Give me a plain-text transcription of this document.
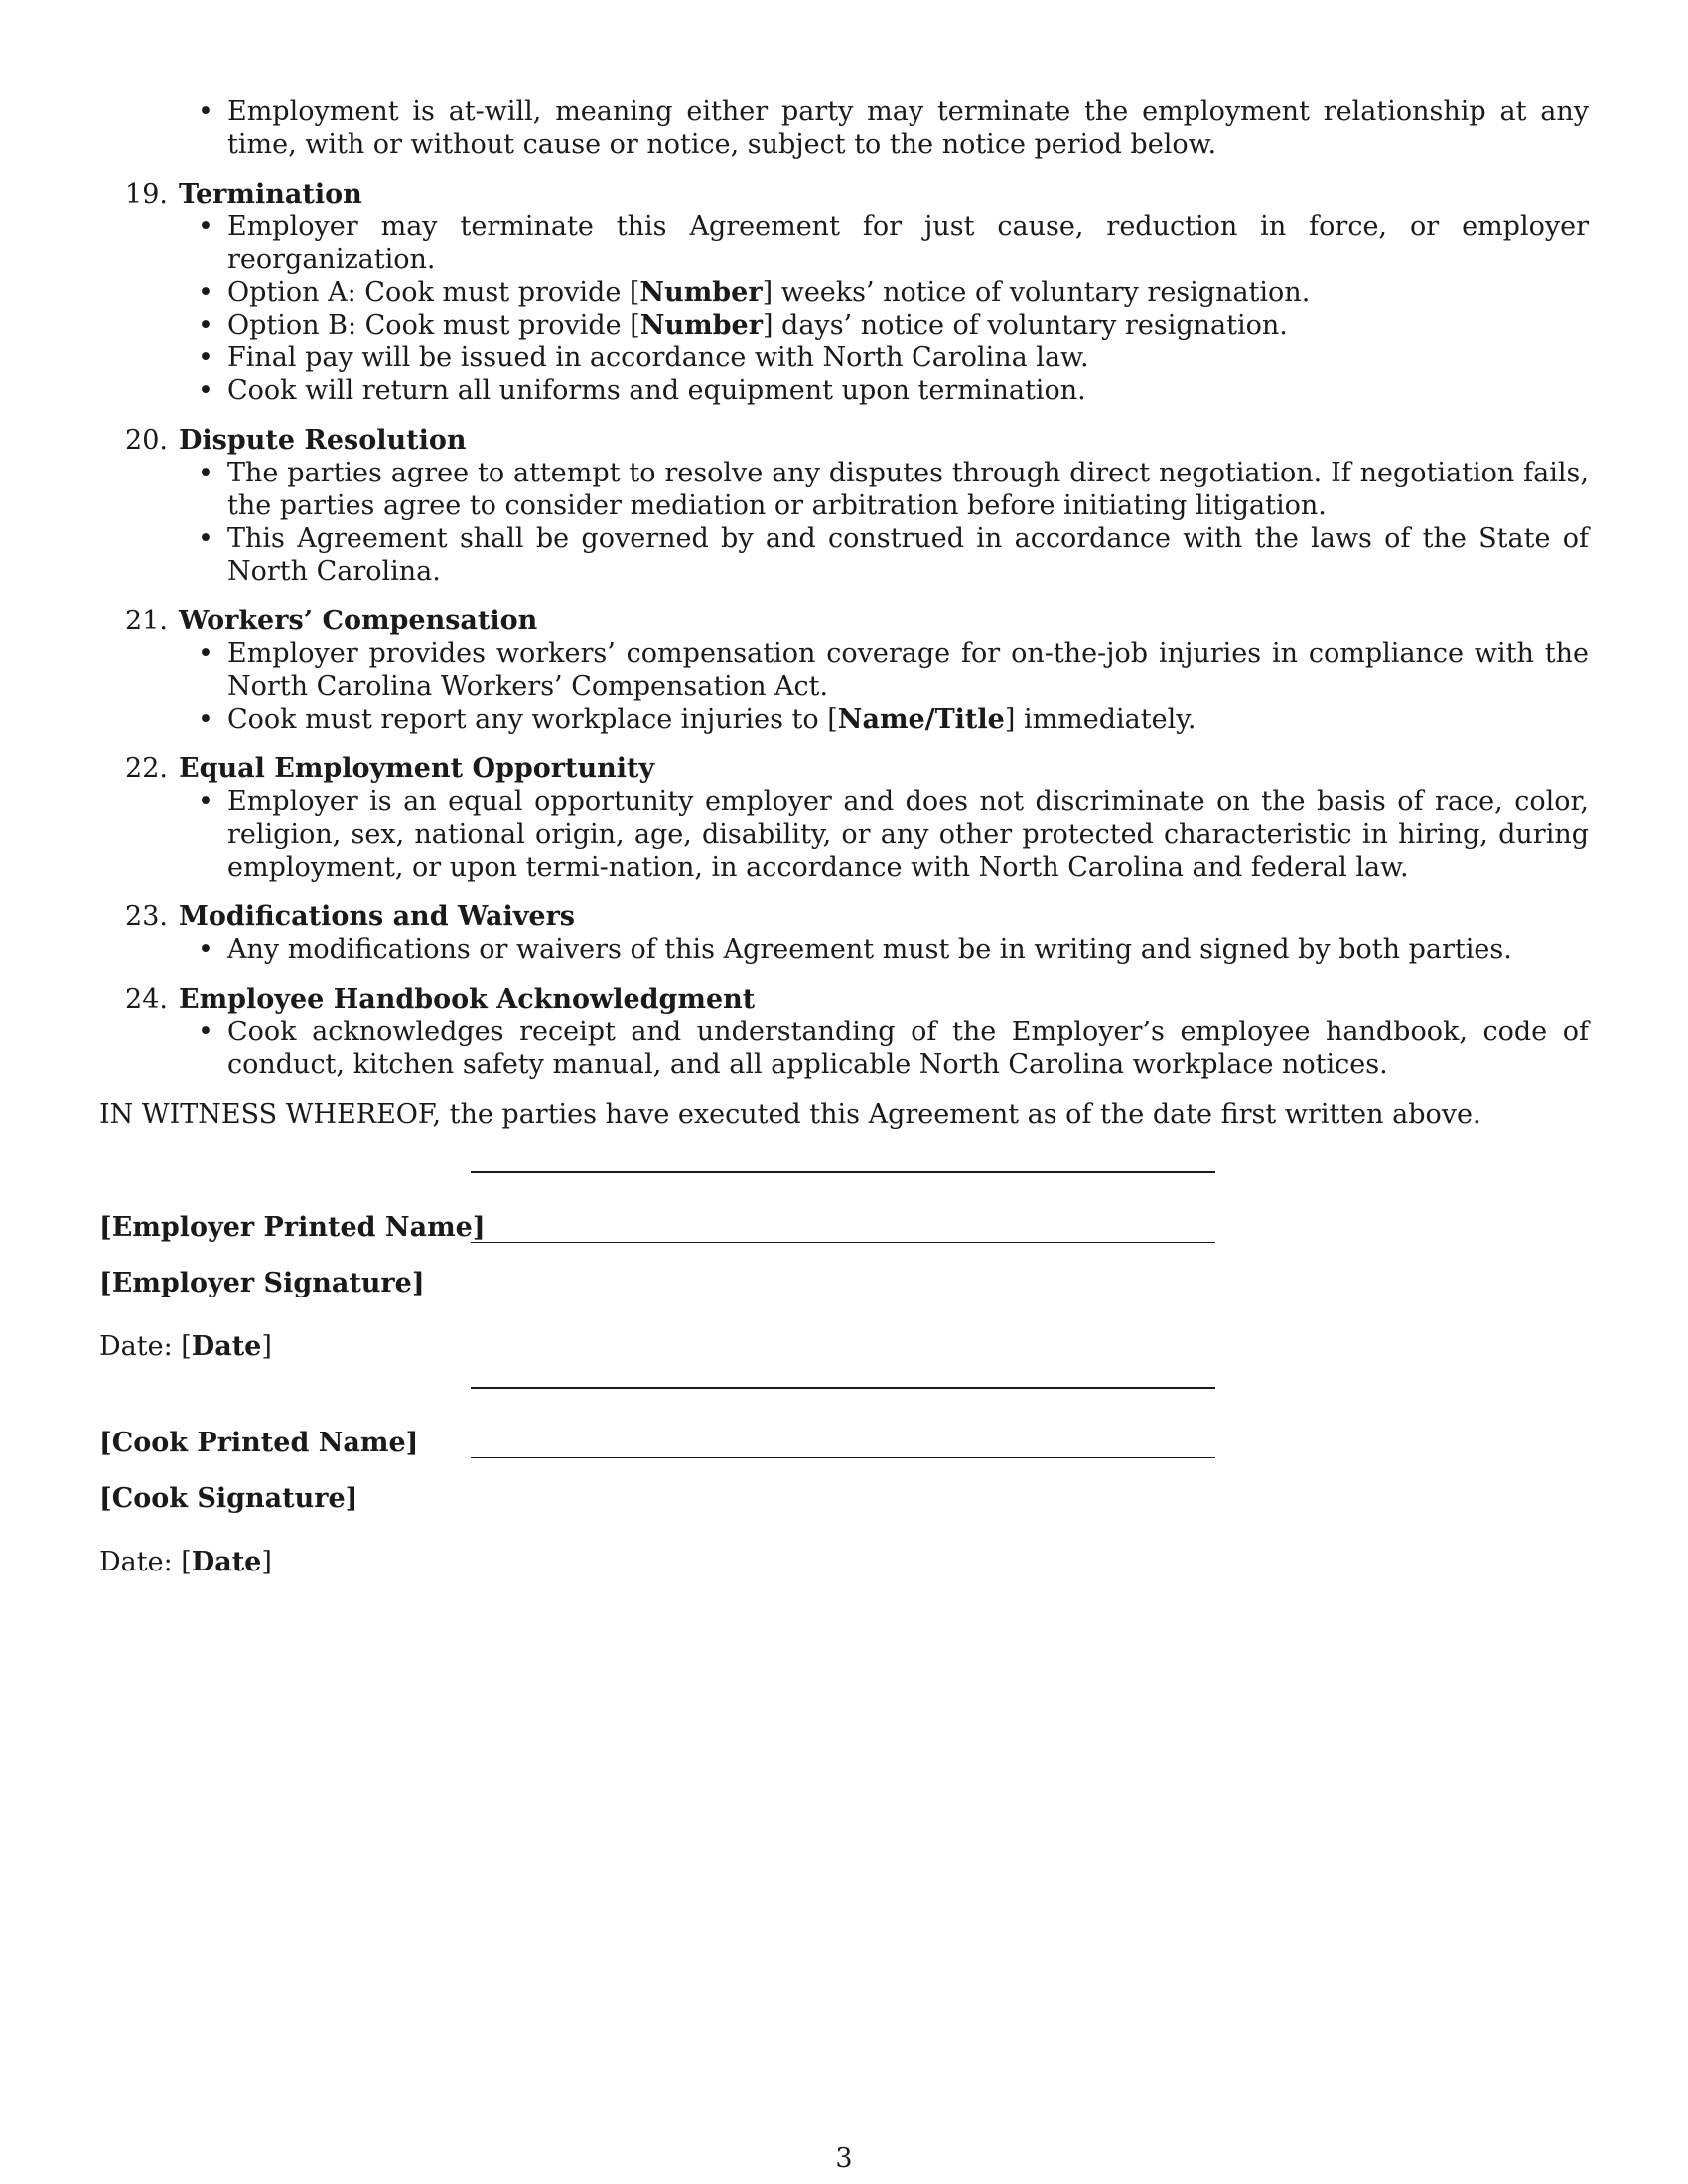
• Employment is at-will, meaning either party may terminate the employment relationship at any time, with or without cause or notice, subject to the notice period below.
19. Termination
• Employer may terminate this Agreement for just cause, reduction in force, or employer reorganization.
• Option A: Cook must provide [Number] weeks’ notice of voluntary resignation.
• Option B: Cook must provide [Number] days’ notice of voluntary resignation.
• Final pay will be issued in accordance with North Carolina law.
• Cook will return all uniforms and equipment upon termination.
20. Dispute Resolution
• The parties agree to attempt to resolve any disputes through direct negotiation. If negotiation fails, the parties agree to consider mediation or arbitration before initiating litigation.
• This Agreement shall be governed by and construed in accordance with the laws of the State of North Carolina.
21. Workers’ Compensation
• Employer provides workers’ compensation coverage for on-the-job injuries in compliance with the North Carolina Workers’ Compensation Act.
• Cook must report any workplace injuries to [Name/Title] immediately.
22. Equal Employment Opportunity
• Employer is an equal opportunity employer and does not discriminate on the basis of race, color, religion, sex, national origin, age, disability, or any other protected characteristic in hiring, during employment, or upon termi-nation, in accordance with North Carolina and federal law.
23. Modifications and Waivers
• Any modifications or waivers of this Agreement must be in writing and signed by both parties.
24. Employee Handbook Acknowledgment
• Cook acknowledges receipt and understanding of the Employer’s employee handbook, code of conduct, kitchen safety manual, and all applicable North Carolina workplace notices.
IN WITNESS WHEREOF, the parties have executed this Agreement as of the date first written above.
[Employer Printed Name]
[Employer Signature]
Date: [Date]
[Cook Printed Name]
[Cook Signature]
Date: [Date]
3
